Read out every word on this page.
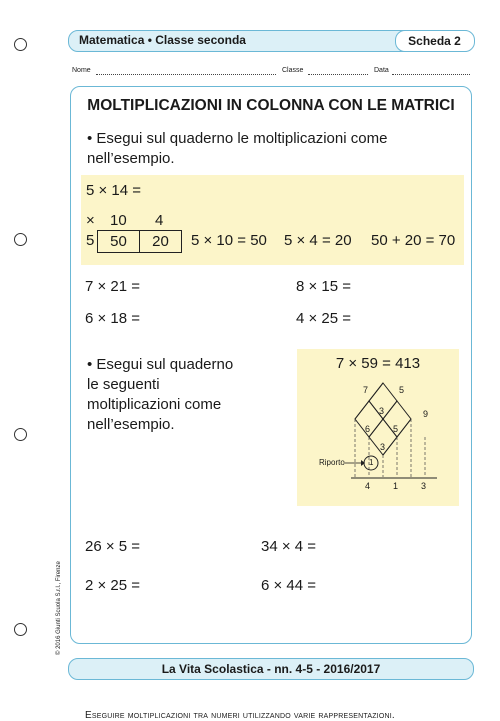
Matematica • Classe seconda	Scheda 2
Nome	Classe	Data
MOLTIPLICAZIONI IN COLONNA CON LE MATRICI
• Esegui sul quaderno le moltiplicazioni come
nell’esempio.
5 × 14 =
× 10 4
5	50	20	5 × 10 = 50 5 × 4 = 20 50 + 20 = 70
7 × 21 =	8 × 15 =
6 × 18 =	4 × 25 =
• Esegui sul quaderno
le seguenti
moltiplicazioni come
nell’esempio.
7 × 59 = 413
7	5
9
3
5
6
3
Riporto	1
4	1	3
26 × 5 =	34 × 4 =
2 × 25 =	6 × 44 =
Eseguire moltiplicazioni tra numeri utilizzando varie rappresentazioni.
La Vita Scolastica - nn. 4-5 - 2016/2017
© 2016 Giunti Scuola S.r.l., Firenze
